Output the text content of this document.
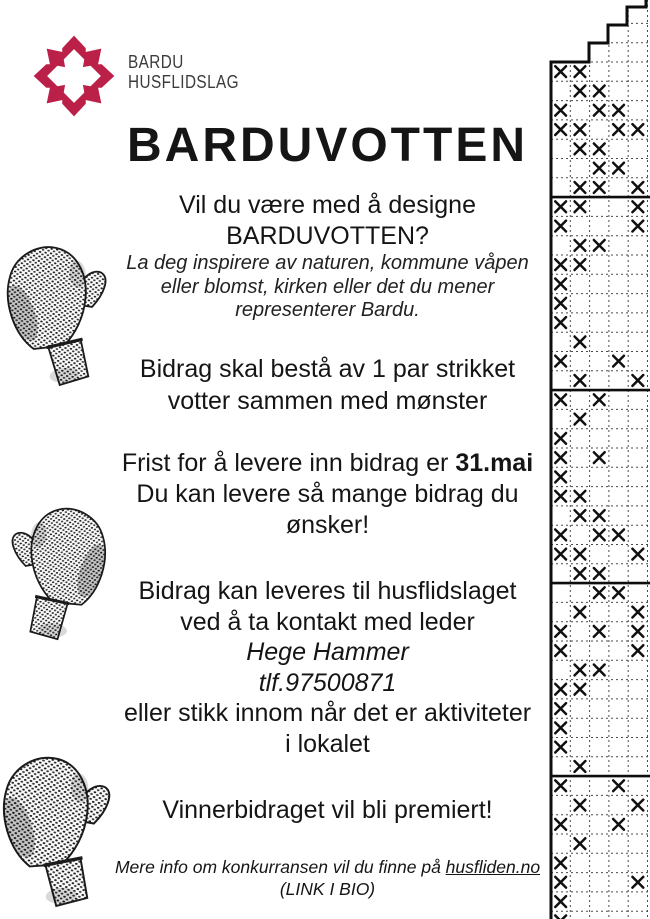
BARDU
HUSFLIDSLAG
BARDUVOTTEN
Vil du være med å designe
BARDUVOTTEN?
La deg inspirere av naturen, kommune våpen
eller blomst, kirken eller det du mener
representerer Bardu.
Bidrag skal bestå av 1 par strikket
votter sammen med mønster
Frist for å levere inn bidrag er 31.mai
Du kan levere så mange bidrag du
ønsker!
Bidrag kan leveres til husflidslaget
ved å ta kontakt med leder
Hege Hammer
tlf.97500871
eller stikk innom når det er aktiviteter
i lokalet
Vinnerbidraget vil bli premiert!
Mere info om konkurransen vil du finne på husfliden.no
(LINK I BIO)
